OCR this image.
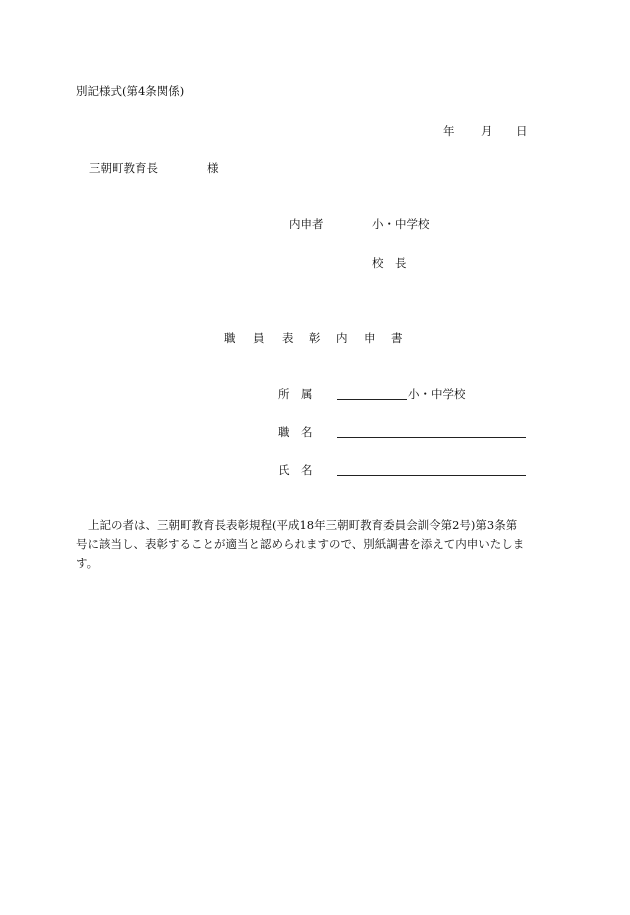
別記様式(第4条関係)
年 月 日
三朝町教育長	様
内申者	小・中学校
校　長
職 員 表 彰 内 申 書
所　属	小・中学校
職　名
氏　名
上記の者は、三朝町教育長表彰規程(平成18年三朝町教育委員会訓令第2号)第3条第
号に該当し、表彰することが適当と認められますので、別紙調書を添えて内申いたしま
す。
